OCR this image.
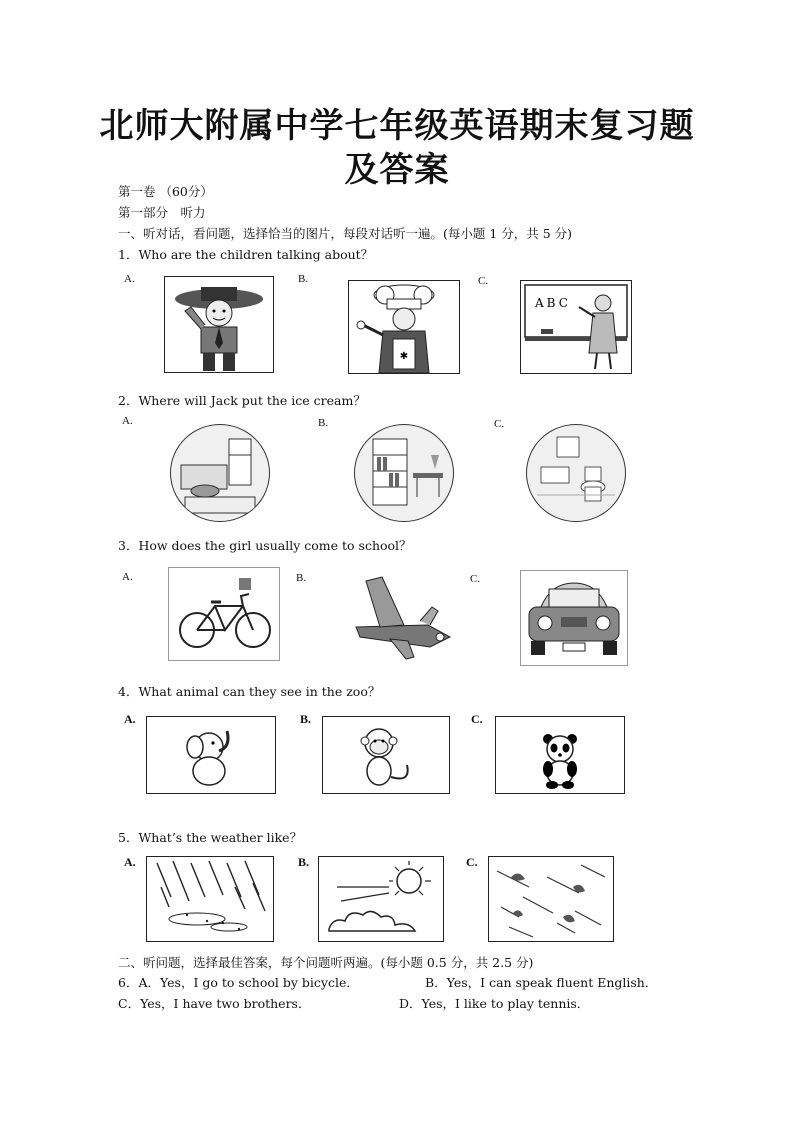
北师大附属中学七年级英语期末复习题
及答案
第一卷 （60分）
第一部分　听力
一、听对话，看问题，选择恰当的图片，每段对话听一遍。(每小题 1 分，共 5 分)
1．Who are the children talking about？
A.	B.	C.
✱
ABC
2．Where will Jack put the ice cream？
A.	B.	C.
3．How does the girl usually come to school？
A.	B.	C.
4．What animal can they see in the zoo？
A.	B.	C.
5．What’s the weather like？
A.	B.	C.
二、听问题，选择最佳答案，每个问题听两遍。(每小题 0.5 分，共 2.5 分)
6．A．Yes，I go to school by bicycle．	B．Yes，I can speak fluent English．
C．Yes，I have two brothers．	D．Yes，I like to play tennis．
